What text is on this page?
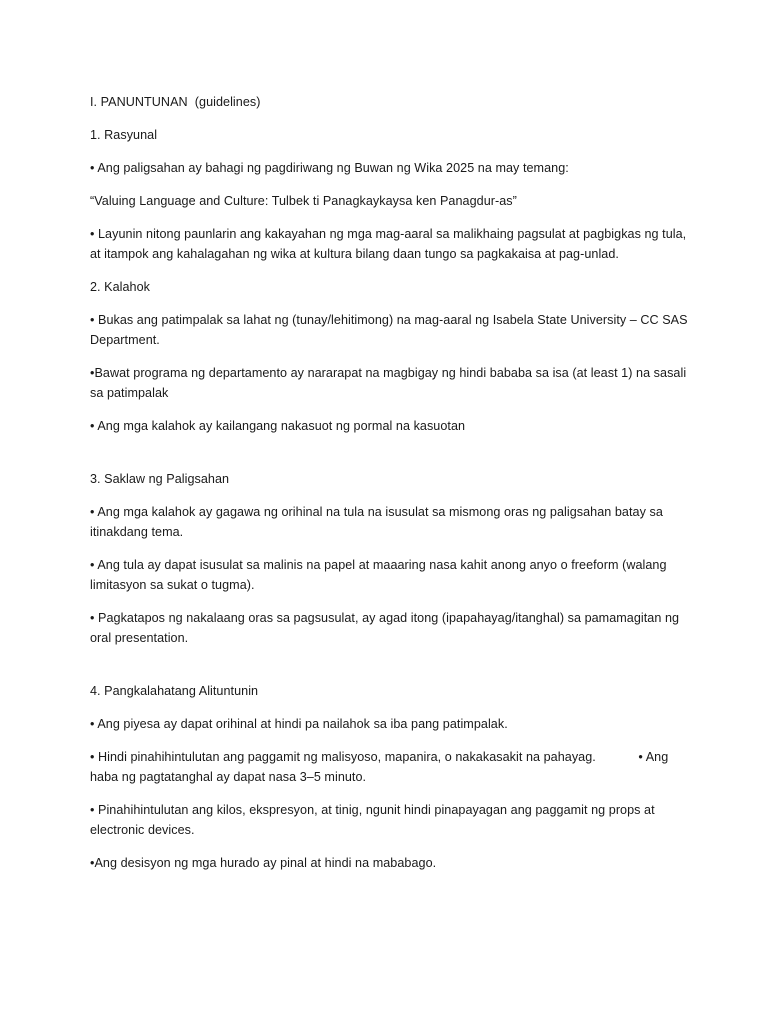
I. PANUNTUNAN  (guidelines)

1. Rasyunal

• Ang paligsahan ay bahagi ng pagdiriwang ng Buwan ng Wika 2025 na may temang:

“Valuing Language and Culture: Tulbek ti Panagkaykaysa ken Panagdur-as”

• Layunin nitong paunlarin ang kakayahan ng mga mag-aaral sa malikhaing pagsulat at pagbigkas ng tula, at itampok ang kahalagahan ng wika at kultura bilang daan tungo sa pagkakaisa at pag-unlad.

2. Kalahok

• Bukas ang patimpalak sa lahat ng (tunay/lehitimong) na mag-aaral ng Isabela State University – CC SAS Department.

•Bawat programa ng departamento ay nararapat na magbigay ng hindi bababa sa isa (at least 1) na sasali sa patimpalak

• Ang mga kalahok ay kailangang nakasuot ng pormal na kasuotan

3. Saklaw ng Paligsahan

• Ang mga kalahok ay gagawa ng orihinal na tula na isusulat sa mismong oras ng paligsahan batay sa itinakdang tema.

• Ang tula ay dapat isusulat sa malinis na papel at maaaring nasa kahit anong anyo o freeform (walang limitasyon sa sukat o tugma).

• Pagkatapos ng nakalaang oras sa pagsusulat, ay agad itong (ipapahayag/itanghal) sa pamamagitan ng oral presentation.

4. Pangkalahatang Alituntunin

• Ang piyesa ay dapat orihinal at hindi pa nailahok sa iba pang patimpalak.

• Hindi pinahihintulutan ang paggamit ng malisyoso, mapanira, o nakakasakit na pahayag.            • Ang haba ng pagtatanghal ay dapat nasa 3–5 minuto.

• Pinahihintulutan ang kilos, ekspresyon, at tinig, ngunit hindi pinapayagan ang paggamit ng props at electronic devices.

•Ang desisyon ng mga hurado ay pinal at hindi na mababago.
